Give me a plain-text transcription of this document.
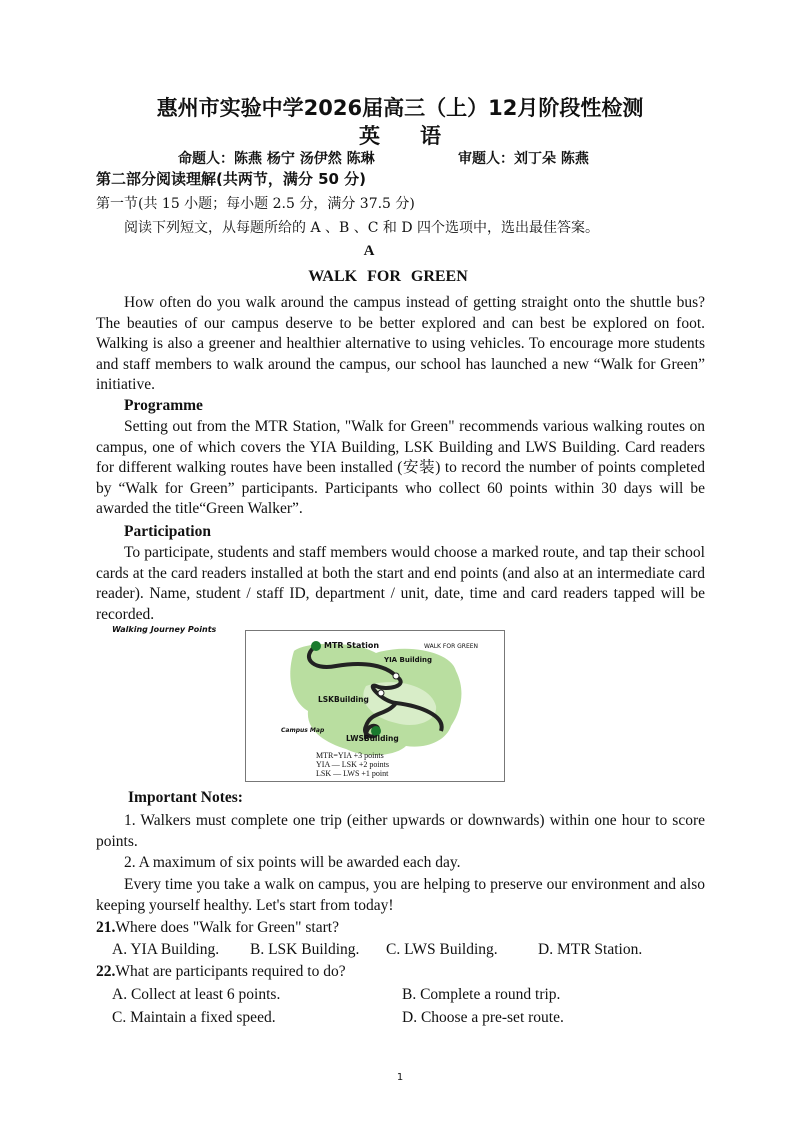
惠州市实验中学2026届高三（上）12月阶段性检测
英语
命题人：陈燕 杨宁 汤伊然 陈琳	审题人：刘丁朵 陈燕
第二部分阅读理解(共两节，满分 50 分)
第一节(共 15 小题；每小题 2.5 分，满分 37.5 分)
阅读下列短文，从每题所给的 A 、B 、C 和 D 四个选项中，选出最佳答案。
A
WALK FOR GREEN
How often do you walk around the campus instead of getting straight onto the shuttle bus? The beauties of our campus deserve to be better explored and can best be explored on foot. Walking is also a greener and healthier alternative to using vehicles. To encourage more students and staff members to walk around the campus, our school has launched a new “Walk for Green” initiative.
Programme
Setting out from the MTR Station, "Walk for Green" recommends various walking routes on campus, one of which covers the YIA Building, LSK Building and LWS Building. Card readers for different walking routes have been installed (安装) to record the number of points completed by “Walk for Green” participants. Participants who collect 60 points within 30 days will be awarded the title“Green Walker”.
Participation
To participate, students and staff members would choose a marked route, and tap their school cards at the card readers installed at both the start and end points (and also at an intermediate card reader). Name, student / staff ID, department / unit, date, time and card readers tapped will be recorded.
Walking Journey Points
MTR Station	WALK FOR GREEN
YIA Building
LSKBuilding
LWSBuilding
Campus Map
MTR=YIA +3 points
YIA — LSK +2 points
LSK — LWS +1 point
Important Notes:
1. Walkers must complete one trip (either upwards or downwards) within one hour to score points.
2. A maximum of six points will be awarded each day.
Every time you take a walk on campus, you are helping to preserve our environment and also keeping yourself healthy. Let's start from today!
21.Where does "Walk for Green" start?
A. YIA Building. B. LSK Building. C. LWS Building.	D. MTR Station.
22.What are participants required to do?
A. Collect at least 6 points.	B. Complete a round trip.
C. Maintain a fixed speed.	D. Choose a pre-set route.
1
